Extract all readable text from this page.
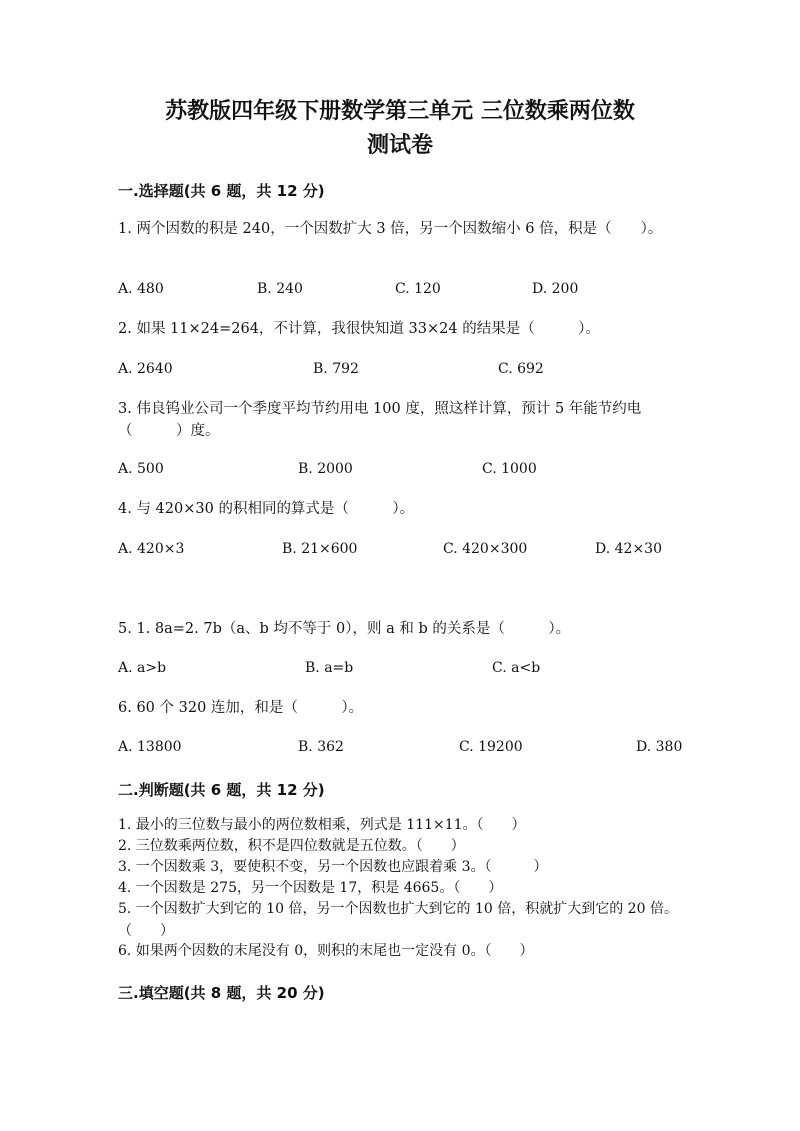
苏教版四年级下册数学第三单元 三位数乘两位数
测试卷
一.选择题(共 6 题，共 12 分)
1. 两个因数的积是 240，一个因数扩大 3 倍，另一个因数缩小 6 倍，积是（　　）。
A. 480	B. 240	C. 120	D. 200
2. 如果 11×24=264，不计算，我很快知道 33×24 的结果是（　　　）。
A. 2640	B. 792	C. 692
3. 伟良钨业公司一个季度平均节约用电 100 度，照这样计算，预计 5 年能节约电（　　　）度。
A. 500	B. 2000	C. 1000
4. 与 420×30 的积相同的算式是（　　　）。
A. 420×3	B. 21×600	C. 420×300	D. 42×30
5. 1. 8a=2. 7b（a、b 均不等于 0），则 a 和 b 的关系是（　　　）。
A. a>b	B. a=b	C. a<b
6. 60 个 320 连加，和是（　　　）。
A. 13800	B. 362	C. 19200	D. 380
二.判断题(共 6 题，共 12 分)
1. 最小的三位数与最小的两位数相乘，列式是 111×11。（　　）
2. 三位数乘两位数，积不是四位数就是五位数。（　　）
3. 一个因数乘 3，要使积不变，另一个因数也应跟着乘 3。（　　　）
4. 一个因数是 275，另一个因数是 17，积是 4665。（　　）
5. 一个因数扩大到它的 10 倍，另一个因数也扩大到它的 10 倍，积就扩大到它的 20 倍。（　　）
6. 如果两个因数的末尾没有 0，则积的末尾也一定没有 0。（　　）
三.填空题(共 8 题，共 20 分)
